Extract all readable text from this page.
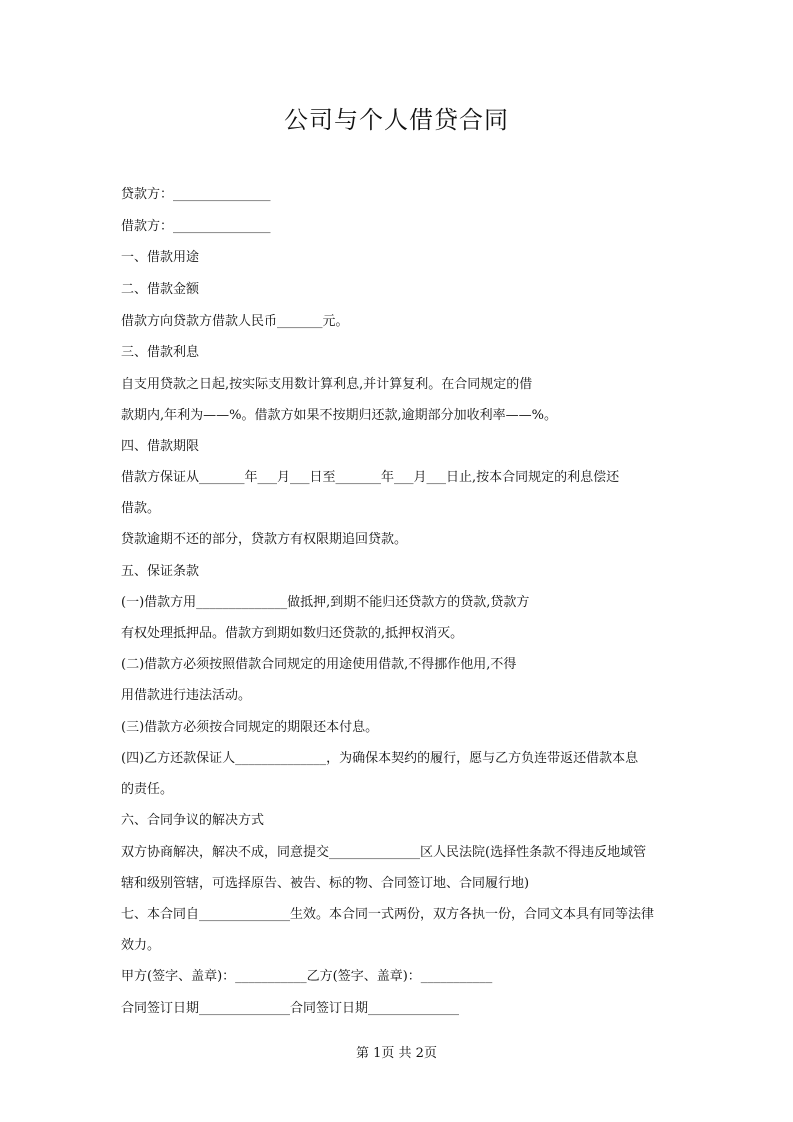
公司与个人借贷合同
贷款方：_______________
借款方：_______________
一、借款用途
二、借款金额
借款方向贷款方借款人民币_______元。
三、借款利息
自支用贷款之日起,按实际支用数计算利息,并计算复利。在合同规定的借
款期内,年利为——%。借款方如果不按期归还款,逾期部分加收利率——%。
四、借款期限
借款方保证从_______年___月___日至_______年___月___日止,按本合同规定的利息偿还
借款。
贷款逾期不还的部分，贷款方有权限期追回贷款。
五、保证条款
(一)借款方用______________做抵押,到期不能归还贷款方的贷款,贷款方
有权处理抵押品。借款方到期如数归还贷款的,抵押权消灭。
(二)借款方必须按照借款合同规定的用途使用借款,不得挪作他用,不得
用借款进行违法活动。
(三)借款方必须按合同规定的期限还本付息。
(四)乙方还款保证人______________，为确保本契约的履行，愿与乙方负连带返还借款本息
的责任。
六、合同争议的解决方式
双方协商解决，解决不成，同意提交______________区人民法院(选择性条款不得违反地域管
辖和级别管辖，可选择原告、被告、标的物、合同签订地、合同履行地)
七、本合同自______________生效。本合同一式两份，双方各执一份，合同文本具有同等法律
效力。
甲方(签字、盖章)：___________乙方(签字、盖章)：___________
合同签订日期______________合同签订日期______________
第 1页 共 2页
